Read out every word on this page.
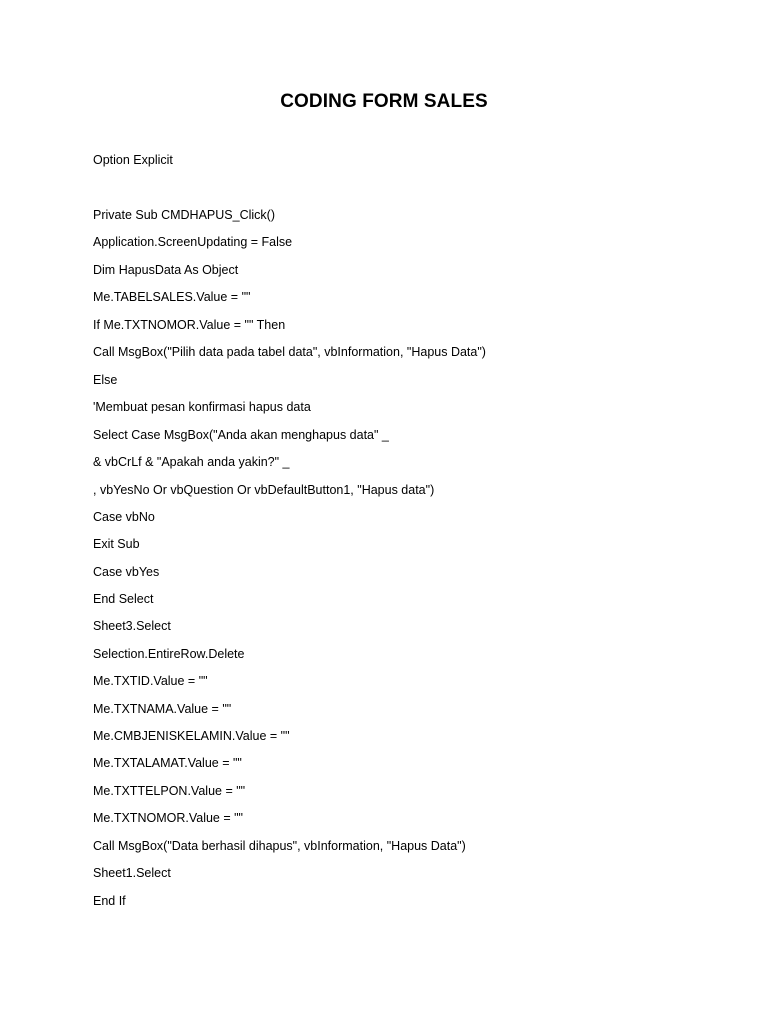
CODING FORM SALES
Option Explicit
Private Sub CMDHAPUS_Click()
Application.ScreenUpdating = False
Dim HapusData As Object
Me.TABELSALES.Value = ""
If Me.TXTNOMOR.Value = "" Then
Call MsgBox("Pilih data pada tabel data", vbInformation, "Hapus Data")
Else
'Membuat pesan konfirmasi hapus data
Select Case MsgBox("Anda akan menghapus data" _
& vbCrLf & "Apakah anda yakin?" _
, vbYesNo Or vbQuestion Or vbDefaultButton1, "Hapus data")
Case vbNo
Exit Sub
Case vbYes
End Select
Sheet3.Select
Selection.EntireRow.Delete
Me.TXTID.Value = ""
Me.TXTNAMA.Value = ""
Me.CMBJENISKELAMIN.Value = ""
Me.TXTALAMAT.Value = ""
Me.TXTTELPON.Value = ""
Me.TXTNOMOR.Value = ""
Call MsgBox("Data berhasil dihapus", vbInformation, "Hapus Data")
Sheet1.Select
End If
